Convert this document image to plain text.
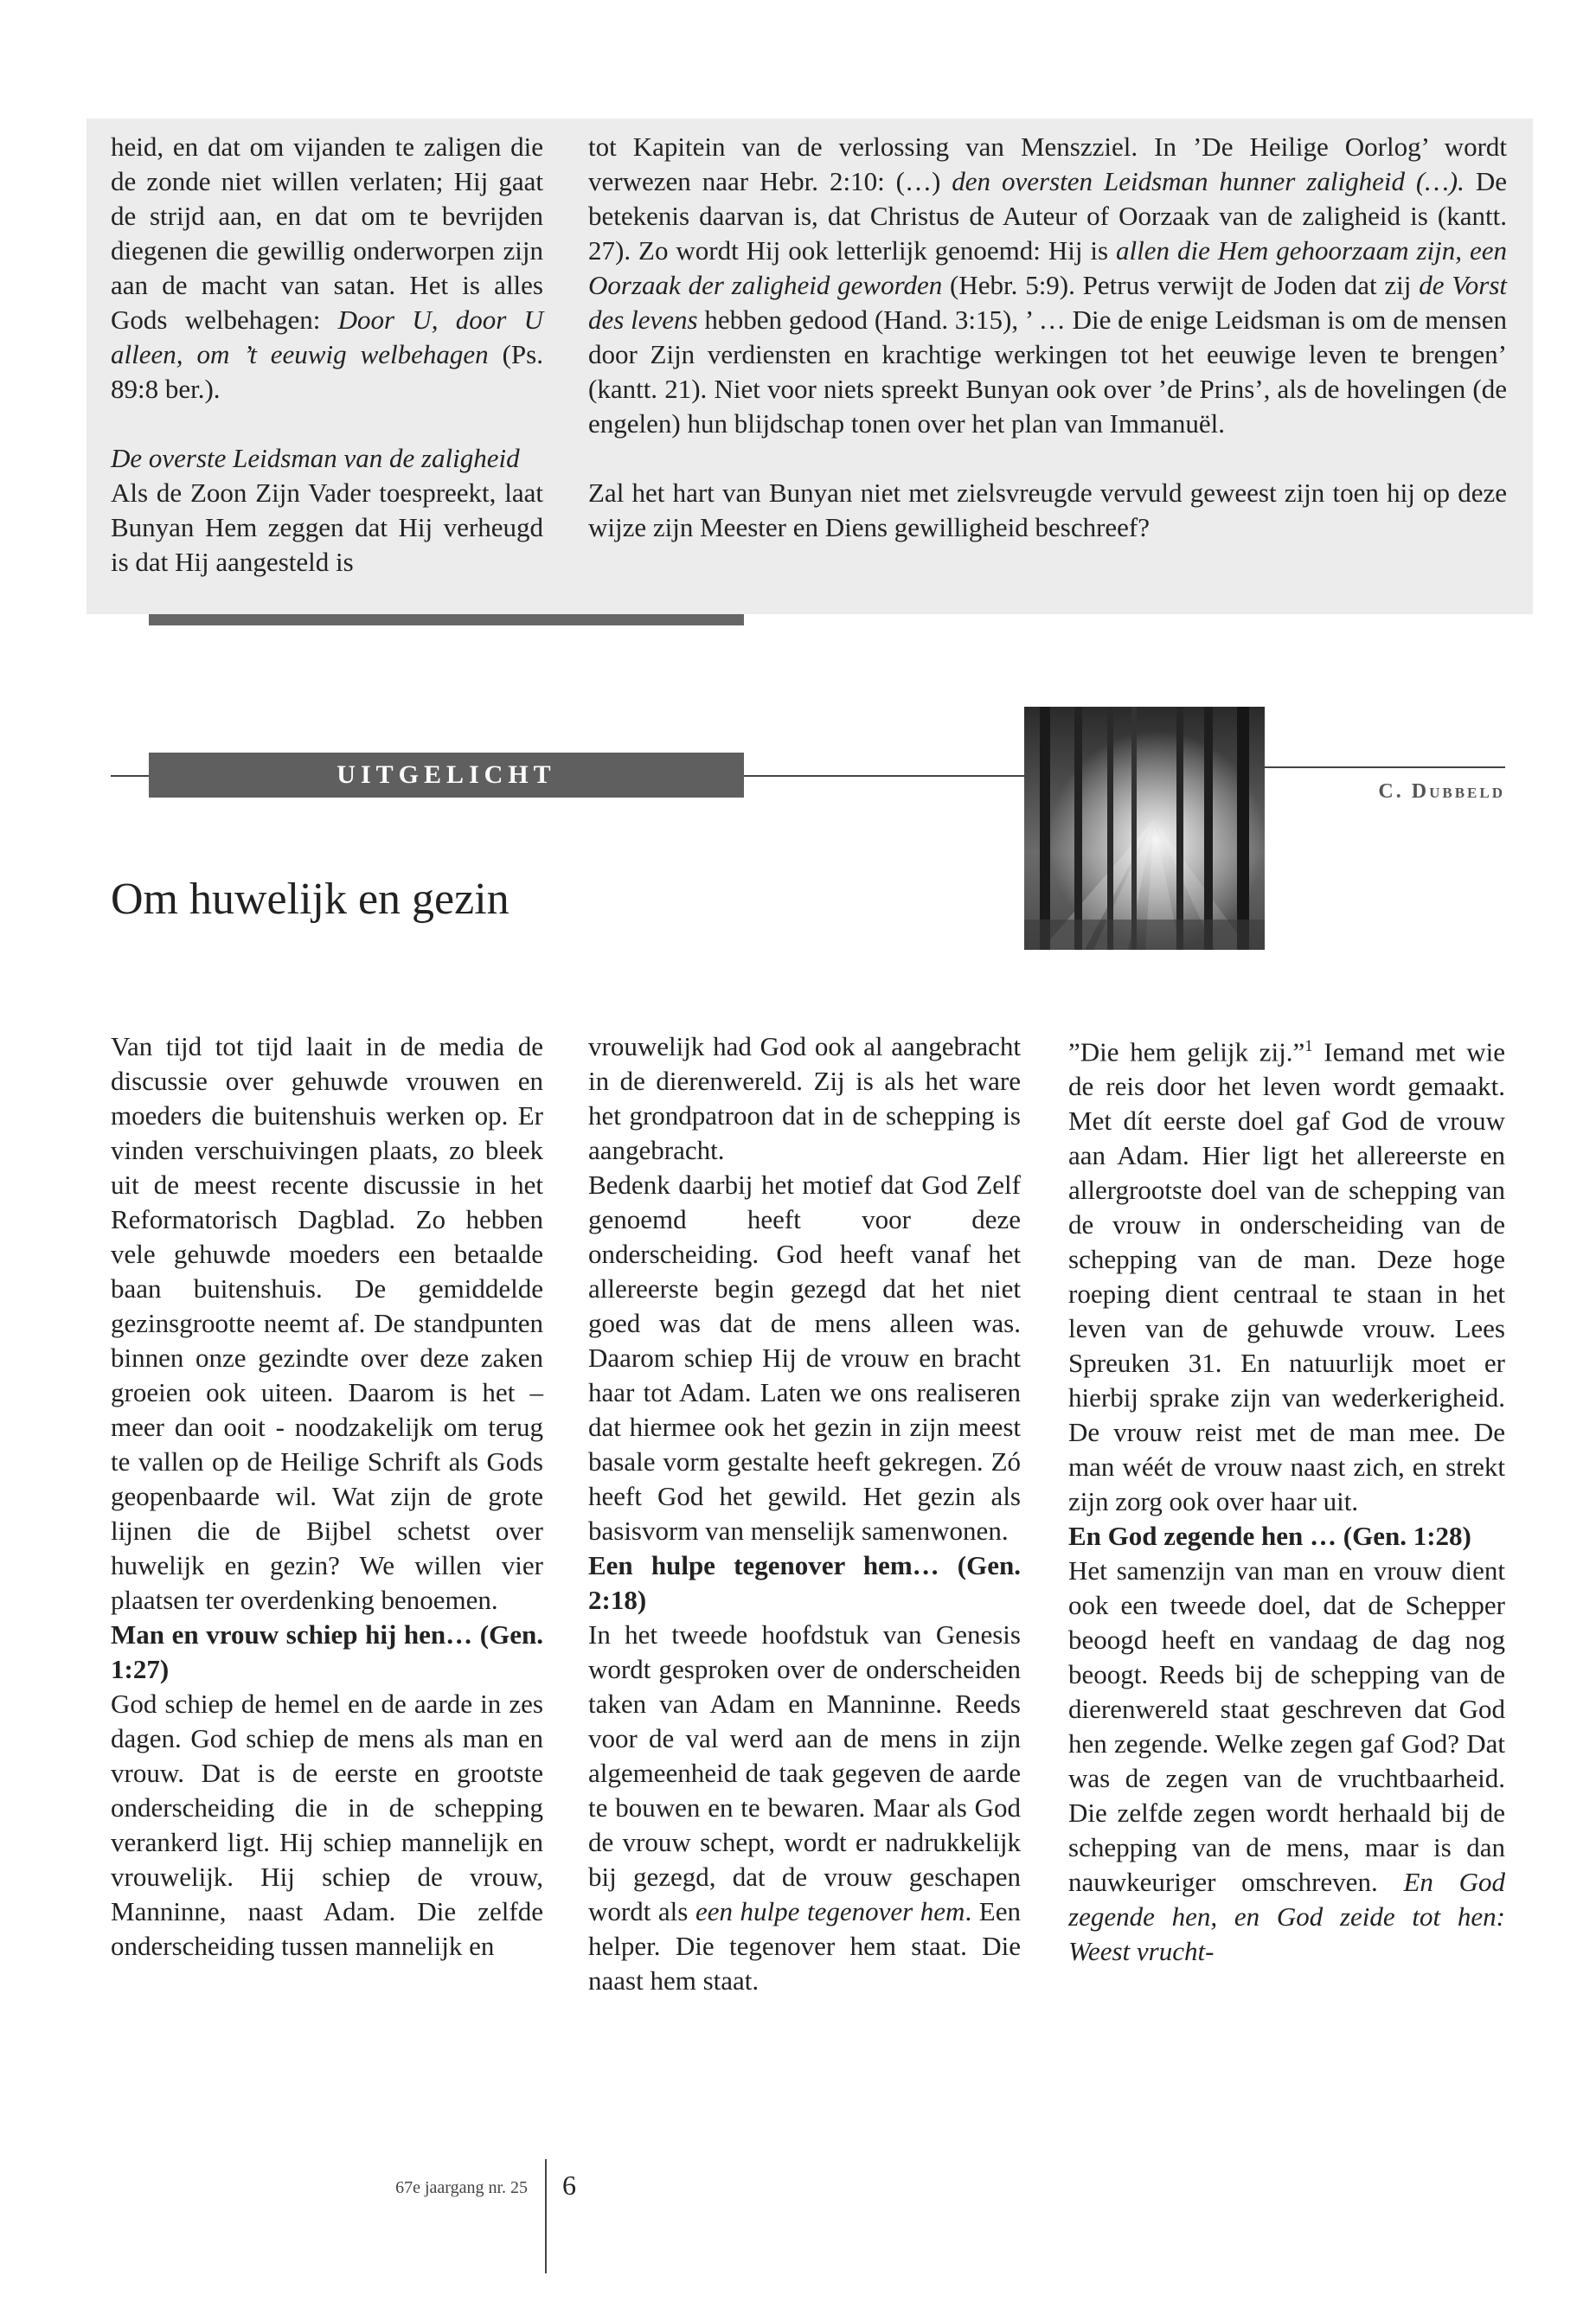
heid, en dat om vijanden te zaligen die de zonde niet willen verlaten; Hij gaat de strijd aan, en dat om te bevrijden diegenen die gewillig onderworpen zijn aan de macht van satan. Het is alles Gods welbehagen: Door U, door U alleen, om ’t eeuwig welbehagen (Ps. 89:8 ber.).

De overste Leidsman van de zaligheid

Als de Zoon Zijn Vader toespreekt, laat Bunyan Hem zeggen dat Hij verheugd is dat Hij aangesteld is

tot Kapitein van de verlossing van Menszziel. In ’De Heilige Oorlog’ wordt verwezen naar Hebr. 2:10: (…) den oversten Leidsman hunner zaligheid (…). De betekenis daarvan is, dat Christus de Auteur of Oorzaak van de zaligheid is (kantt. 27). Zo wordt Hij ook letterlijk genoemd: Hij is allen die Hem gehoorzaam zijn, een Oorzaak der zaligheid geworden (Hebr. 5:9). Petrus verwijt de Joden dat zij de Vorst des levens hebben gedood (Hand. 3:15), ’ … Die de enige Leidsman is om de mensen door Zijn verdiensten en krachtige werkingen tot het eeuwige leven te brengen’ (kantt. 21). Niet voor niets spreekt Bunyan ook over ’de Prins’, als de hovelingen (de engelen) hun blijdschap tonen over het plan van Immanuël.

Zal het hart van Bunyan niet met zielsvreugde vervuld geweest zijn toen hij op deze wijze zijn Meester en Diens gewilligheid beschreef?

UITGELICHT
C. Dubbeld
Om huwelijk en gezin

Van tijd tot tijd laait in de media de discussie over gehuwde vrouwen en moeders die buitenshuis werken op. Er vinden verschuivingen plaats, zo bleek uit de meest recente discussie in het Reformatorisch Dagblad. Zo hebben vele gehuwde moeders een betaalde baan buitenshuis. De gemiddelde gezinsgrootte neemt af. De standpunten binnen onze gezindte over deze zaken groeien ook uiteen. Daarom is het – meer dan ooit - noodzakelijk om terug te vallen op de Heilige Schrift als Gods geopenbaarde wil. Wat zijn de grote lijnen die de Bijbel schetst over huwelijk en gezin? We willen vier plaatsen ter overdenking benoemen.

Man en vrouw schiep hij hen… (Gen. 1:27)

God schiep de hemel en de aarde in zes dagen. God schiep de mens als man en vrouw. Dat is de eerste en grootste onderscheiding die in de schepping verankerd ligt. Hij schiep mannelijk en vrouwelijk. Hij schiep de vrouw, Manninne, naast Adam. Die zelfde onderscheiding tussen mannelijk en

vrouwelijk had God ook al aangebracht in de dierenwereld. Zij is als het ware het grondpatroon dat in de schepping is aangebracht.

Bedenk daarbij het motief dat God Zelf genoemd heeft voor deze onderscheiding. God heeft vanaf het allereerste begin gezegd dat het niet goed was dat de mens alleen was. Daarom schiep Hij de vrouw en bracht haar tot Adam. Laten we ons realiseren dat hiermee ook het gezin in zijn meest basale vorm gestalte heeft gekregen. Zó heeft God het gewild. Het gezin als basisvorm van menselijk samenwonen.

Een hulpe tegenover hem… (Gen. 2:18)

In het tweede hoofdstuk van Genesis wordt gesproken over de onderscheiden taken van Adam en Manninne. Reeds voor de val werd aan de mens in zijn algemeenheid de taak gegeven de aarde te bouwen en te bewaren. Maar als God de vrouw schept, wordt er nadrukkelijk bij gezegd, dat de vrouw geschapen wordt als een hulpe tegenover hem. Een helper. Die tegenover hem staat. Die naast hem staat.

”Die hem gelijk zij.”$^1$ Iemand met wie de reis door het leven wordt gemaakt. Met dít eerste doel gaf God de vrouw aan Adam. Hier ligt het allereerste en allergrootste doel van de schepping van de vrouw in onderscheiding van de schepping van de man. Deze hoge roeping dient centraal te staan in het leven van de gehuwde vrouw. Lees Spreuken 31. En natuurlijk moet er hierbij sprake zijn van wederkerigheid. De vrouw reist met de man mee. De man wéét de vrouw naast zich, en strekt zijn zorg ook over haar uit.

En God zegende hen … (Gen. 1:28)

Het samenzijn van man en vrouw dient ook een tweede doel, dat de Schepper beoogd heeft en vandaag de dag nog beoogt. Reeds bij de schepping van de dierenwereld staat geschreven dat God hen zegende. Welke zegen gaf God? Dat was de zegen van de vruchtbaarheid. Die zelfde zegen wordt herhaald bij de schepping van de mens, maar is dan nauwkeuriger omschreven. En God zegende hen, en God zeide tot hen: Weest vrucht-

67e jaargang nr. 25 6
